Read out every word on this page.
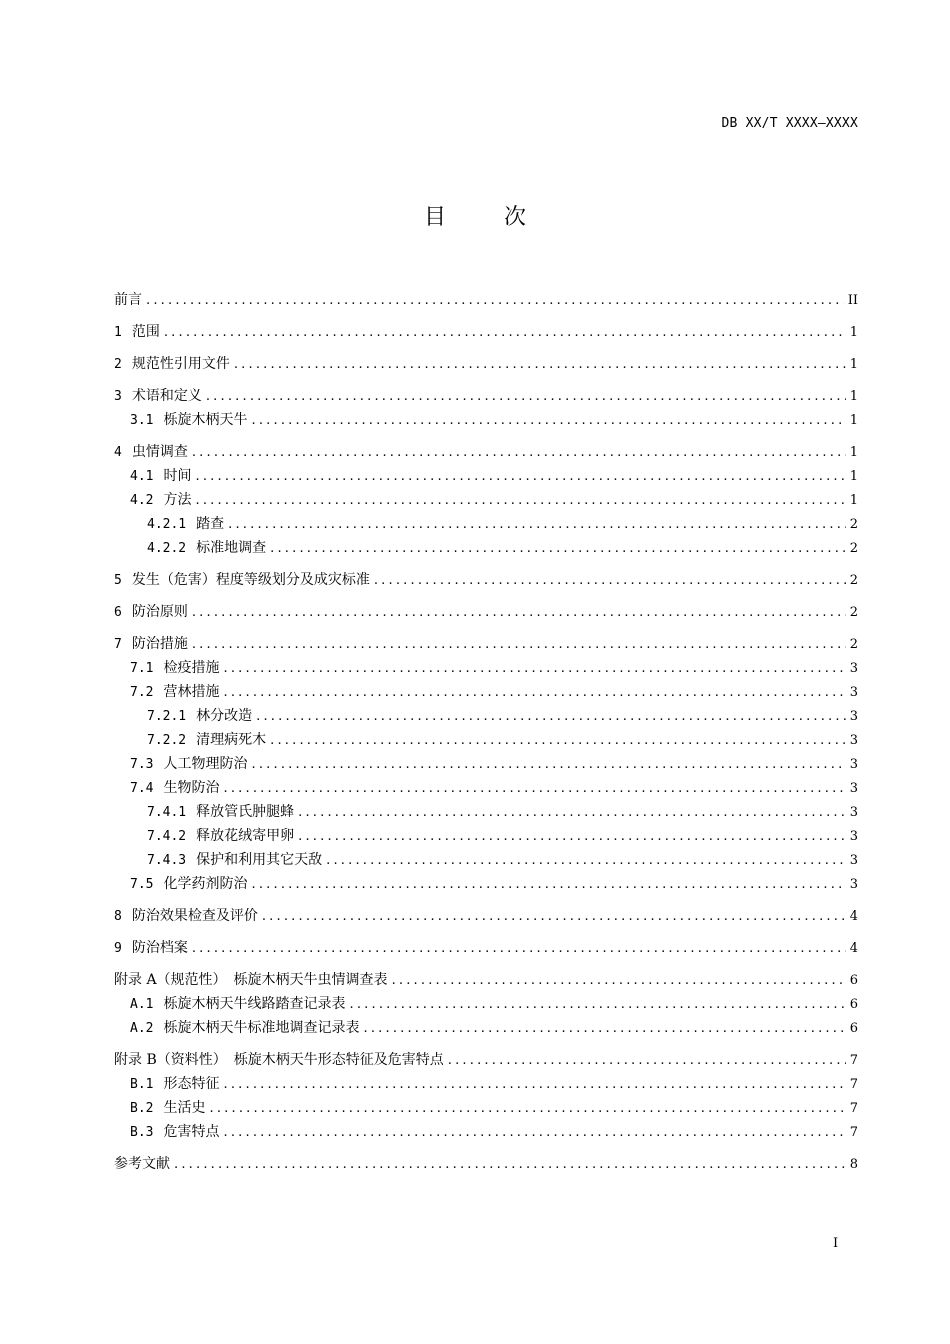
DB XX/T XXXX—XXXX
目	次
前言 .....	II
1 范围 .....	1
2 规范性引用文件 .....	1
3 术语和定义 .....	1
3.1 栎旋木柄天牛 .....	1
4 虫情调查 .....	1
4.1 时间 .....	1
4.2 方法 .....	1
4.2.1 踏查 .....	2
4.2.2 标准地调查 .....	2
5 发生（危害）程度等级划分及成灾标准 .....	2
6 防治原则 .....	2
7 防治措施 .....	2
7.1 检疫措施 .....	3
7.2 营林措施 .....	3
7.2.1 林分改造 .....	3
7.2.2 清理病死木 .....	3
7.3 人工物理防治 .....	3
7.4 生物防治 .....	3
7.4.1 释放管氏肿腿蜂 .....	3
7.4.2 释放花绒寄甲卵 .....	3
7.4.3 保护和利用其它天敌 .....	3
7.5 化学药剂防治 .....	3
8 防治效果检查及评价 .....	4
9 防治档案 .....	4
附录 A（规范性）　栎旋木柄天牛虫情调查表 .....	6
A.1 栎旋木柄天牛线路踏查记录表 .....	6
A.2 栎旋木柄天牛标准地调查记录表 .....	6
附录 B（资料性）　栎旋木柄天牛形态特征及危害特点 .....	7
B.1 形态特征 .....	7
B.2 生活史 .....	7
B.3 危害特点 .....	7
参考文献 .....	8
I
